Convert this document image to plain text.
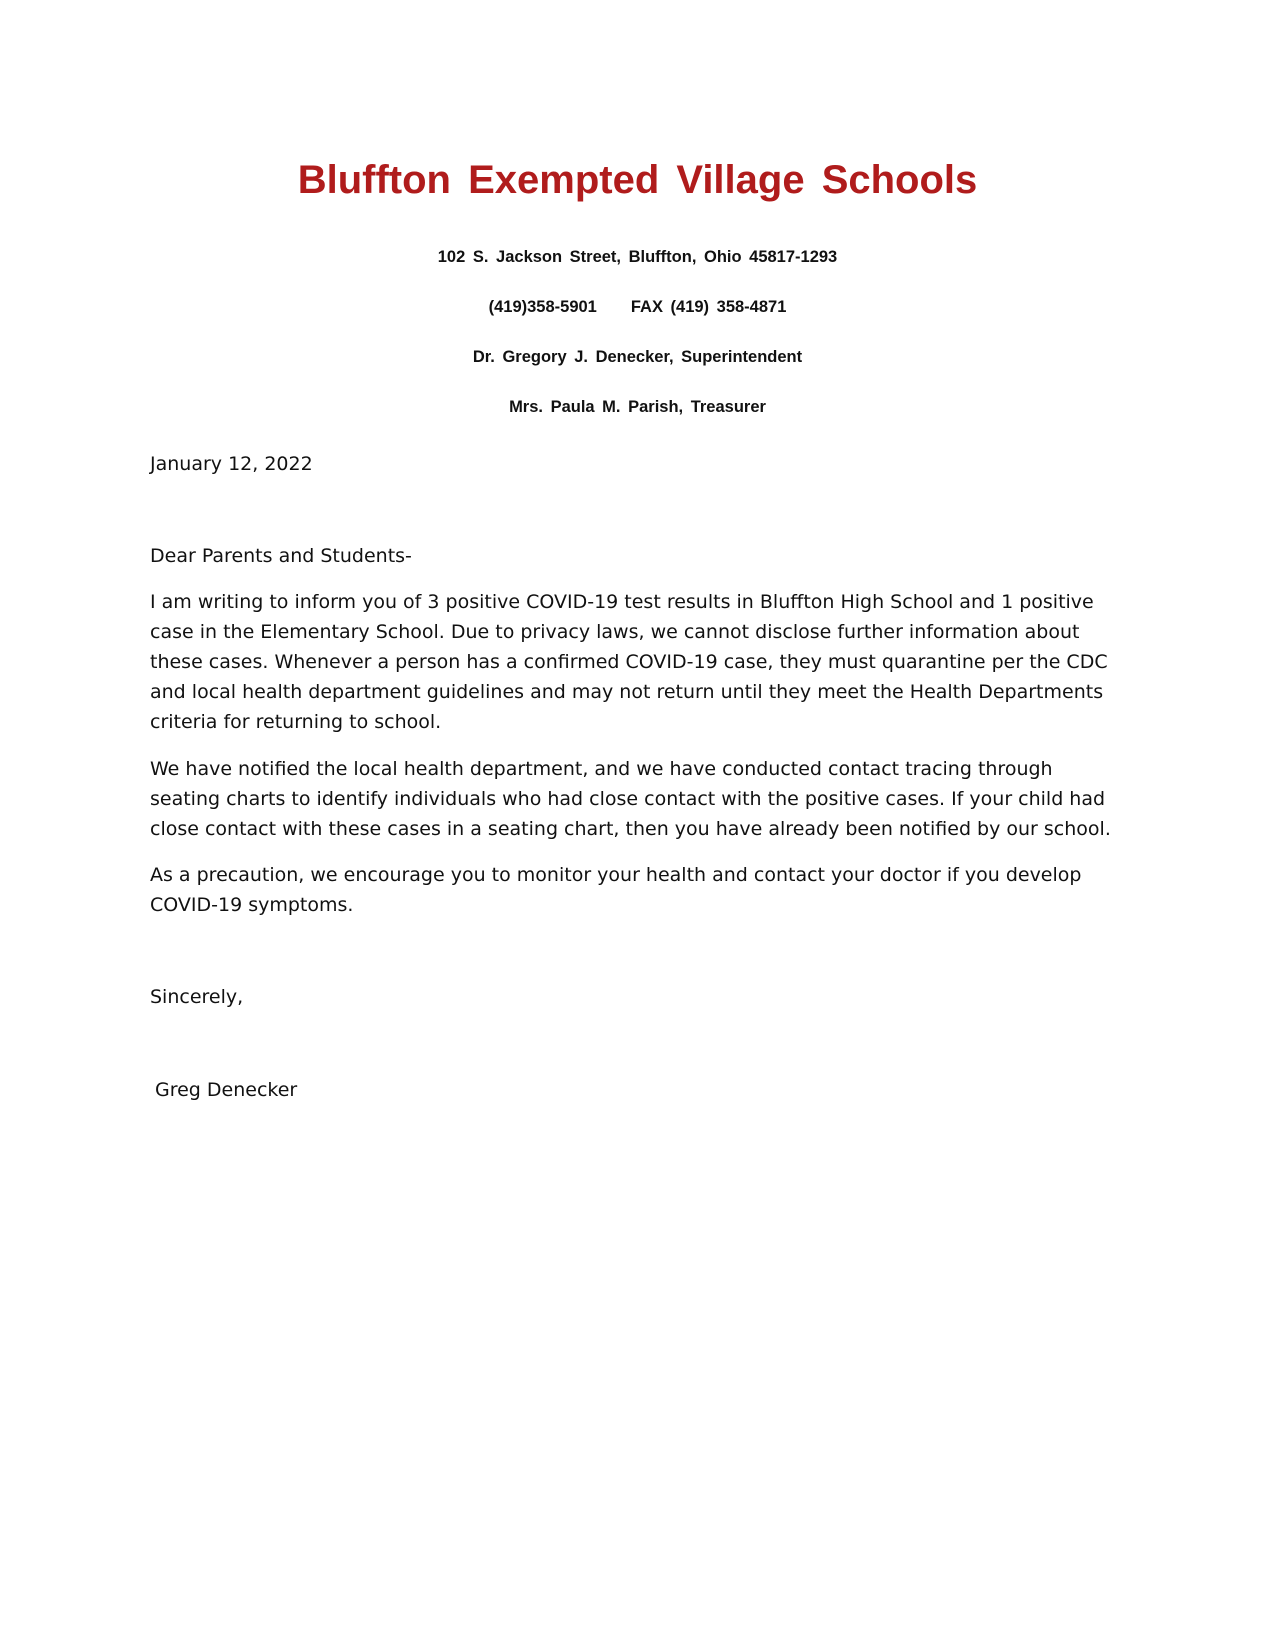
Bluffton Exempted Village Schools

102 S. Jackson Street, Bluffton, Ohio 45817-1293

(419)358-5901 FAX (419) 358-4871

Dr. Gregory J. Denecker, Superintendent

Mrs. Paula M. Parish, Treasurer

January 12, 2022

Dear Parents and Students-

I am writing to inform you of 3 positive COVID-19 test results in Bluffton High School and 1 positive case in the Elementary School. Due to privacy laws, we cannot disclose further information about these cases. Whenever a person has a confirmed COVID-19 case, they must quarantine per the CDC and local health department guidelines and may not return until they meet the Health Departments criteria for returning to school.

We have notified the local health department, and we have conducted contact tracing through seating charts to identify individuals who had close contact with the positive cases. If your child had close contact with these cases in a seating chart, then you have already been notified by our school.

As a precaution, we encourage you to monitor your health and contact your doctor if you develop COVID-19 symptoms.

Sincerely,

Greg Denecker
